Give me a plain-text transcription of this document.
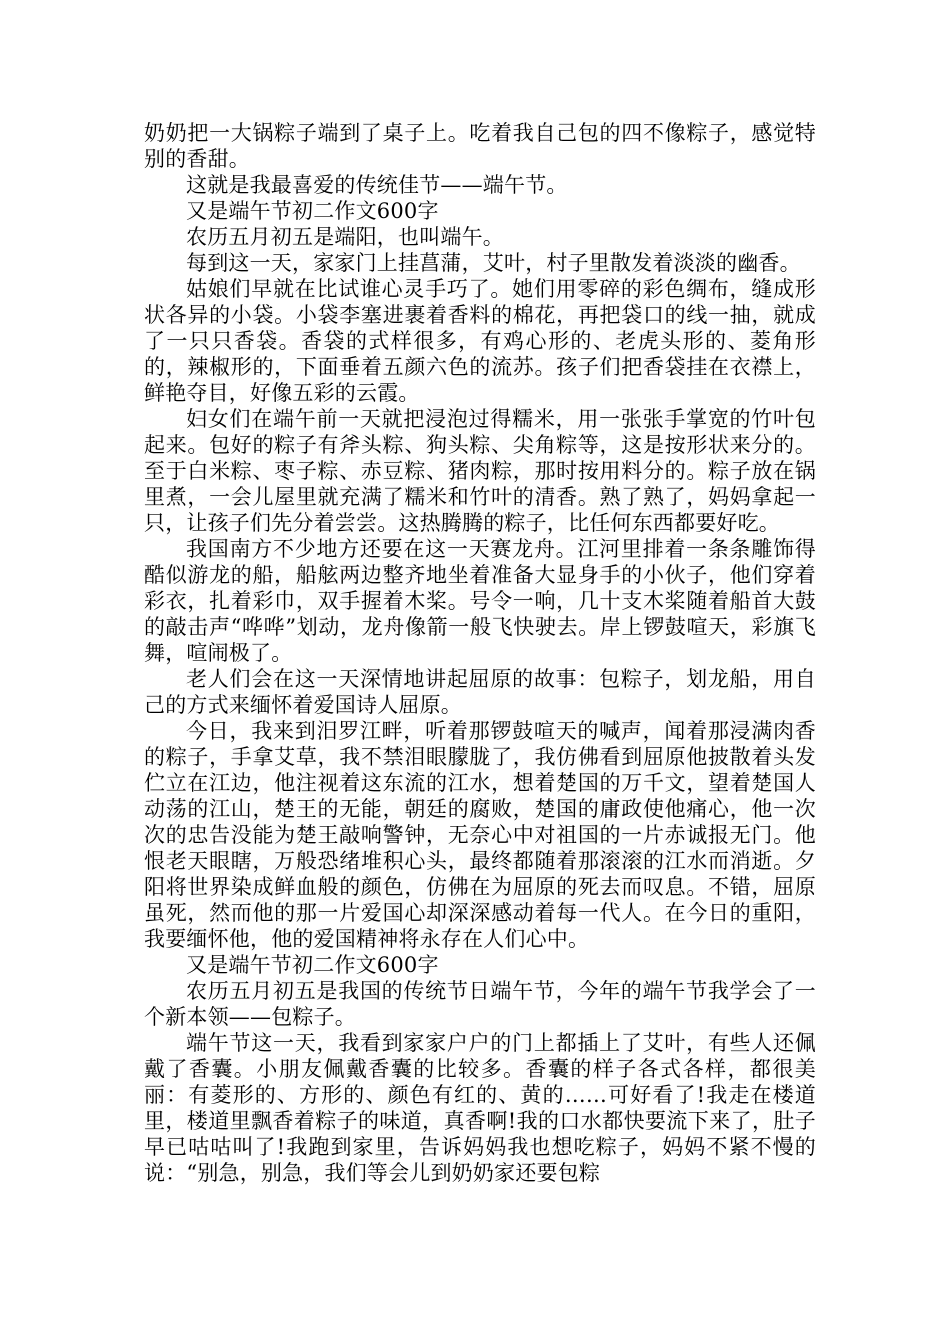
奶奶把一大锅粽子端到了桌子上。吃着我自己包的四不像粽子，感觉特别的香甜。

这就是我最喜爱的传统佳节——端午节。

又是端午节初二作文600字

农历五月初五是端阳，也叫端午。

每到这一天，家家门上挂菖蒲，艾叶，村子里散发着淡淡的幽香。

姑娘们早就在比试谁心灵手巧了。她们用零碎的彩色绸布，缝成形状各异的小袋。小袋李塞进裹着香料的棉花，再把袋口的线一抽，就成了一只只香袋。香袋的式样很多，有鸡心形的、老虎头形的、菱角形的，辣椒形的，下面垂着五颜六色的流苏。孩子们把香袋挂在衣襟上，鲜艳夺目，好像五彩的云霞。

妇女们在端午前一天就把浸泡过得糯米，用一张张手掌宽的竹叶包起来。包好的粽子有斧头粽、狗头粽、尖角粽等，这是按形状来分的。至于白米粽、枣子粽、赤豆粽、猪肉粽，那时按用料分的。粽子放在锅里煮，一会儿屋里就充满了糯米和竹叶的清香。熟了熟了，妈妈拿起一只，让孩子们先分着尝尝。这热腾腾的粽子，比任何东西都要好吃。

我国南方不少地方还要在这一天赛龙舟。江河里排着一条条雕饰得酷似游龙的船，船舷两边整齐地坐着准备大显身手的小伙子，他们穿着彩衣，扎着彩巾，双手握着木桨。号令一响，几十支木桨随着船首大鼓的敲击声“哗哗”划动，龙舟像箭一般飞快驶去。岸上锣鼓喧天，彩旗飞舞，喧闹极了。

老人们会在这一天深情地讲起屈原的故事：包粽子，划龙船，用自己的方式来缅怀着爱国诗人屈原。

今日，我来到汨罗江畔，听着那锣鼓喧天的喊声，闻着那浸满肉香的粽子，手拿艾草，我不禁泪眼朦胧了，我仿佛看到屈原他披散着头发伫立在江边，他注视着这东流的江水，想着楚国的万千文，望着楚国人动荡的江山，楚王的无能，朝廷的腐败，楚国的庸政使他痛心，他一次次的忠告没能为楚王敲响警钟，无奈心中对祖国的一片赤诚报无门。他恨老天眼瞎，万般恐绪堆积心头，最终都随着那滚滚的江水而消逝。夕阳将世界染成鲜血般的颜色，仿佛在为屈原的死去而叹息。不错，屈原虽死，然而他的那一片爱国心却深深感动着每一代人。在今日的重阳，我要缅怀他，他的爱国精神将永存在人们心中。

又是端午节初二作文600字

农历五月初五是我国的传统节日端午节，今年的端午节我学会了一个新本领——包粽子。

端午节这一天，我看到家家户户的门上都插上了艾叶，有些人还佩戴了香囊。小朋友佩戴香囊的比较多。香囊的样子各式各样，都很美丽：有菱形的、方形的、颜色有红的、黄的……可好看了!我走在楼道里，楼道里飘香着粽子的味道，真香啊!我的口水都快要流下来了，肚子早已咕咕叫了!我跑到家里，告诉妈妈我也想吃粽子，妈妈不紧不慢的说：“别急，别急，我们等会儿到奶奶家还要包粽
